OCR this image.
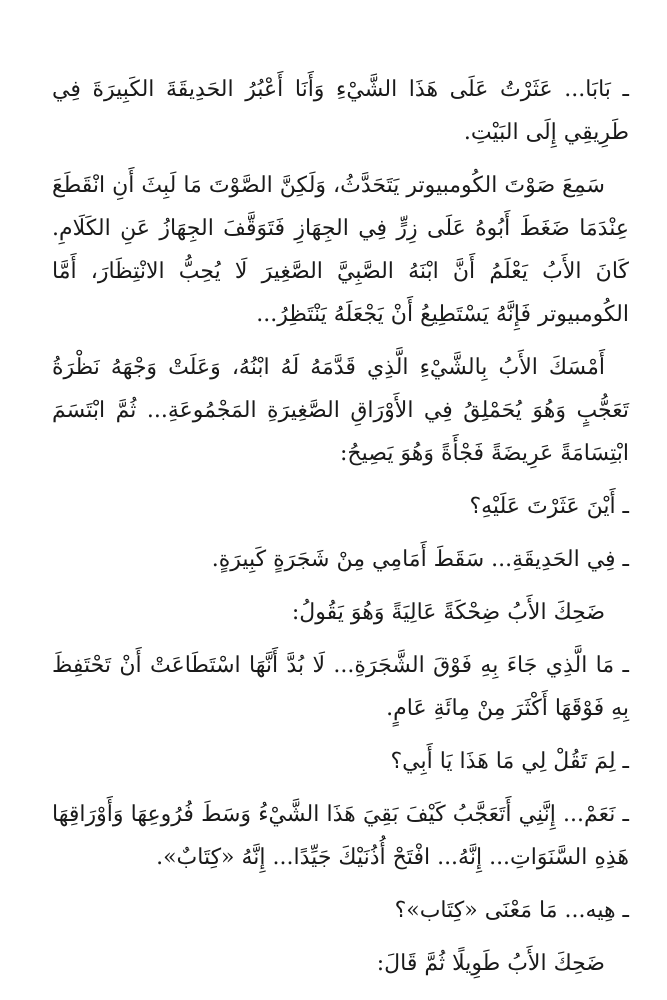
ـ بَابَا... عَثَرْتُ عَلَى هَذَا الشَّيْءِ وَأَنَا أَعْبُرُ الحَدِيقَةَ الكَبِيرَةَ فِي طَرِيقِي إِلَى البَيْتِ.

سَمِعَ صَوْتَ الكُومبيوتر يَتَحَدَّثُ، وَلَكِنَّ الصَّوْتَ مَا لَبِثَ أَنِ انْقَطَعَ عِنْدَمَا ضَغَطَ أَبُوهُ عَلَى زِرٍّ فِي الجِهَازِ فَتَوَقَّفَ الجِهَازُ عَنِ الكَلَامِ. كَانَ الأَبُ يَعْلَمُ أَنَّ ابْنَهُ الصَّبِيَّ الصَّغِيرَ لَا يُحِبُّ الانْتِظَارَ، أَمَّا الكُومبيوتر فَإِنَّهُ يَسْتَطِيعُ أَنْ يَجْعَلَهُ يَنْتَظِرُ...

أَمْسَكَ الأَبُ بِالشَّيْءِ الَّذِي قَدَّمَهُ لَهُ ابْنُهُ، وَعَلَتْ وَجْهَهُ نَظْرَةُ تَعَجُّبٍ وَهُوَ يُحَمْلِقُ فِي الأَوْرَاقِ الصَّغِيرَةِ المَجْمُوعَةِ... ثُمَّ ابْتَسَمَ ابْتِسَامَةً عَرِيضَةً فَجْأَةً وَهُوَ يَصِيحُ:

ـ أَيْنَ عَثَرْتَ عَلَيْهِ؟

ـ فِي الحَدِيقَةِ... سَقَطَ أَمَامِي مِنْ شَجَرَةٍ كَبِيرَةٍ.

ضَحِكَ الأَبُ ضِحْكَةً عَالِيَةً وَهُوَ يَقُولُ:

ـ مَا الَّذِي جَاءَ بِهِ فَوْقَ الشَّجَرَةِ... لَا بُدَّ أَنَّهَا اسْتَطَاعَتْ أَنْ تَحْتَفِظَ بِهِ فَوْقَهَا أَكْثَرَ مِنْ مِائَةِ عَامٍ.

ـ لِمَ تَقُلْ لِي مَا هَذَا يَا أَبِي؟

ـ نَعَمْ... إِنَّنِي أَتَعَجَّبُ كَيْفَ بَقِيَ هَذَا الشَّيْءُ وَسَطَ فُرُوعِهَا وَأَوْرَاقِهَا هَذِهِ السَّنَوَاتِ... إِنَّهُ... افْتَحْ أُذُنَيْكَ جَيِّدًا... إِنَّهُ «كِتَابٌ».

ـ هِيه... مَا مَعْنَى «كِتَاب»؟

ضَحِكَ الأَبُ طَوِيلًا ثُمَّ قَالَ:
